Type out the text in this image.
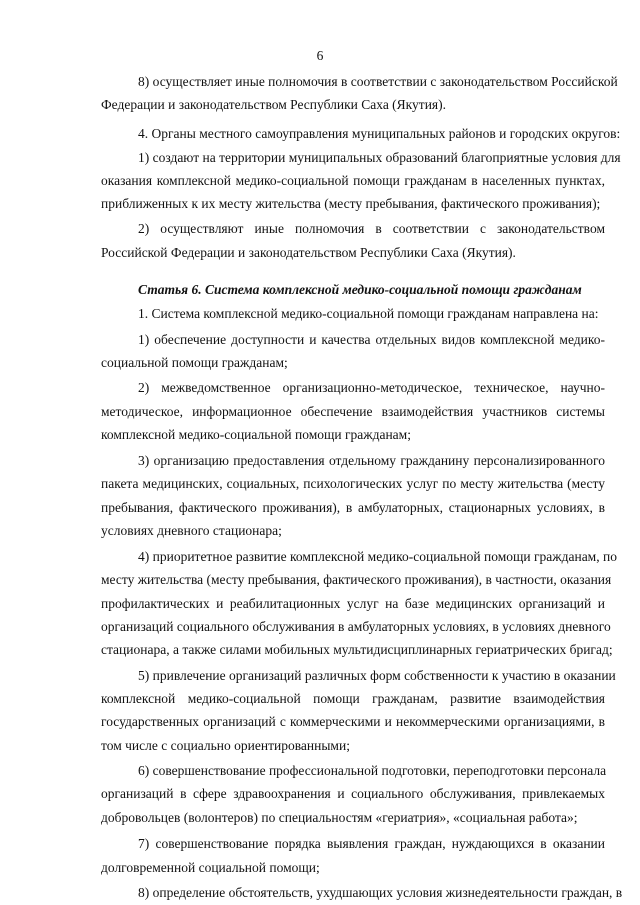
6
8) осуществляет иные полномочия в соответствии с законодательством Российской
Федерации и законодательством Республики Саха (Якутия).
4. Органы местного самоуправления муниципальных районов и городских округов:
1) создают на территории муниципальных образований благоприятные условия для
оказания комплексной медико-социальной помощи гражданам в населенных пунктах,
приближенных к их месту жительства (месту пребывания, фактического проживания);
2) осуществляют иные полномочия в соответствии с законодательством
Российской Федерации и законодательством Республики Саха (Якутия).
Статья 6. Система комплексной медико-социальной помощи гражданам
1. Система комплексной медико-социальной помощи гражданам направлена на:
1) обеспечение доступности и качества отдельных видов комплексной медико-
социальной помощи гражданам;
2) межведомственное организационно-методическое, техническое, научно-
методическое, информационное обеспечение взаимодействия участников системы
комплексной медико-социальной помощи гражданам;
3) организацию предоставления отдельному гражданину персонализированного
пакета медицинских, социальных, психологических услуг по месту жительства (месту
пребывания, фактического проживания), в амбулаторных, стационарных условиях, в
условиях дневного стационара;
4) приоритетное развитие комплексной медико-социальной помощи гражданам, по
месту жительства (месту пребывания, фактического проживания), в частности, оказания
профилактических и реабилитационных услуг на базе медицинских организаций и
организаций социального обслуживания в амбулаторных условиях, в условиях дневного
стационара, а также силами мобильных мультидисциплинарных гериатрических бригад;
5) привлечение организаций различных форм собственности к участию в оказании
комплексной медико-социальной помощи гражданам, развитие взаимодействия
государственных организаций с коммерческими и некоммерческими организациями, в
том числе с социально ориентированными;
6) совершенствование профессиональной подготовки, переподготовки персонала
организаций в сфере здравоохранения и социального обслуживания, привлекаемых
добровольцев (волонтеров) по специальностям «гериатрия», «социальная работа»;
7) совершенствование порядка выявления граждан, нуждающихся в оказании
долговременной социальной помощи;
8) определение обстоятельств, ухудшающих условия жизнедеятельности граждан, в
